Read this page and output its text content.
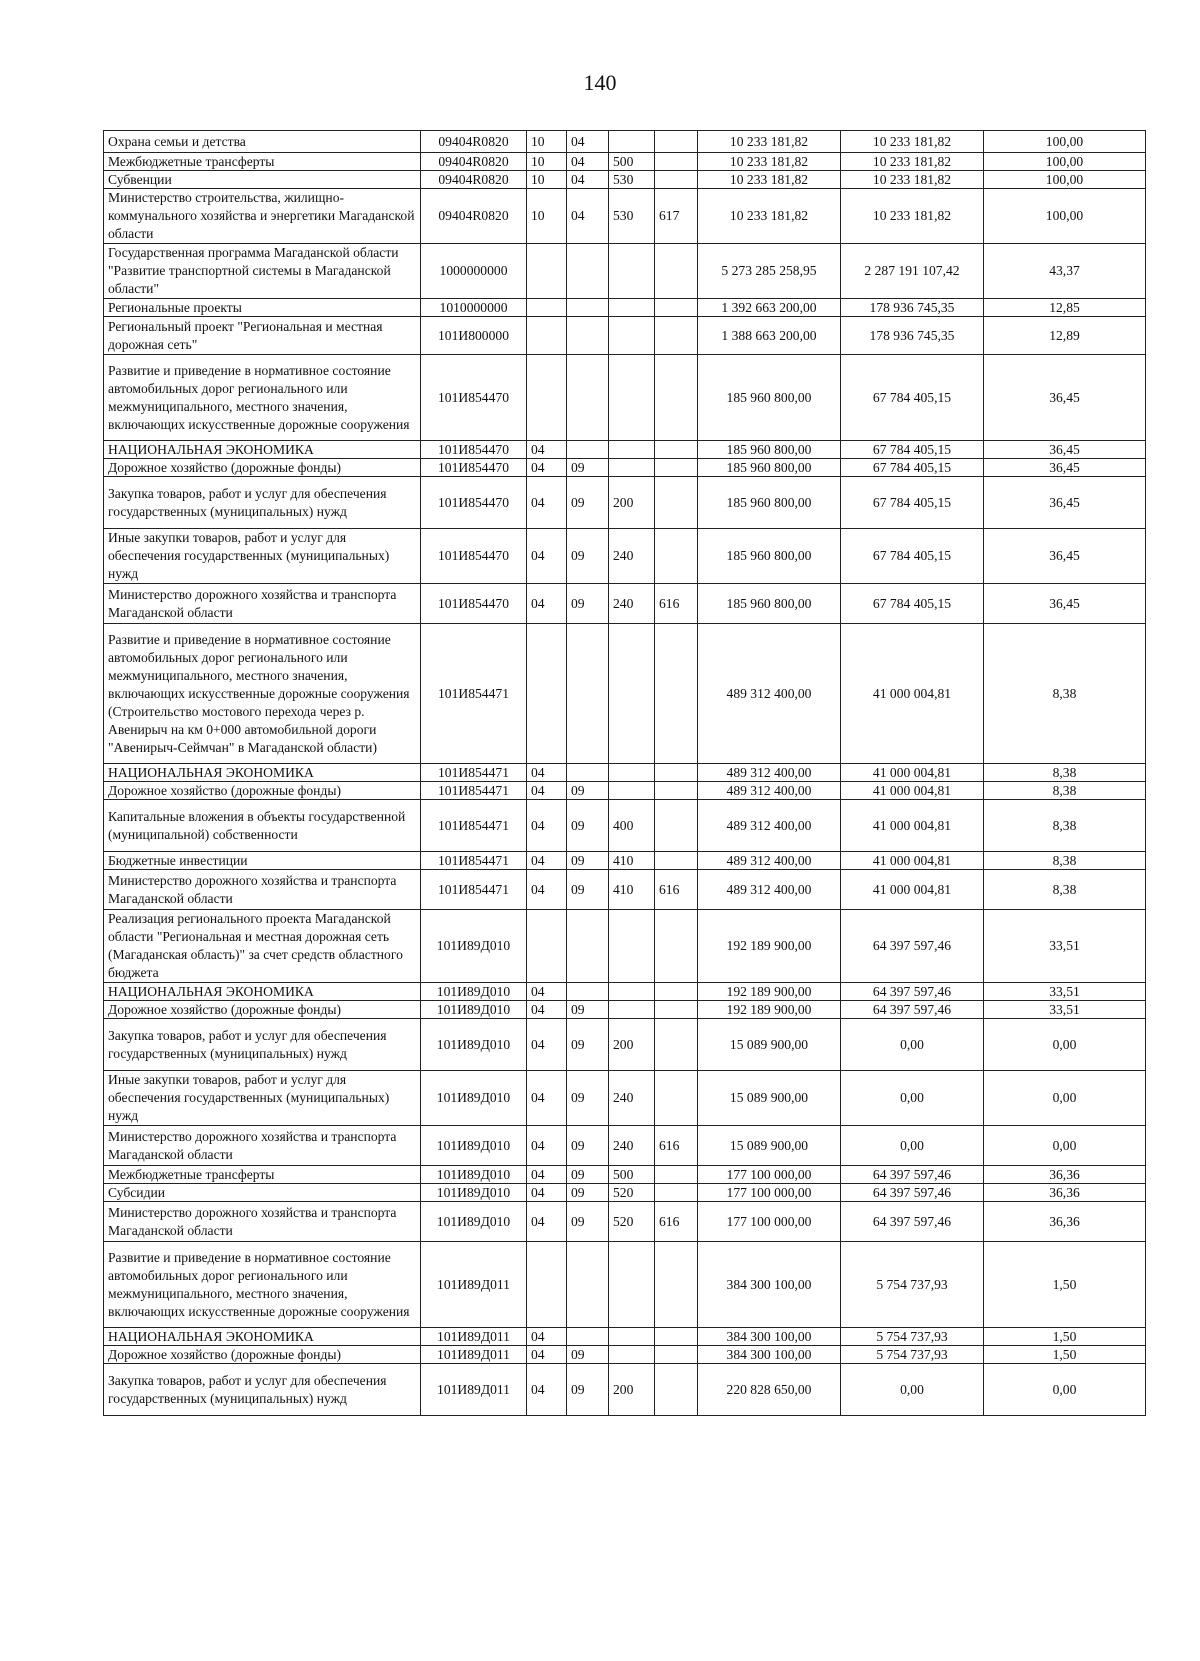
140
Охрана семьи и детства	09404R0820	10	04			10 233 181,82	10 233 181,82	100,00
Межбюджетные трансферты	09404R0820	10	04	500		10 233 181,82	10 233 181,82	100,00
Субвенции	09404R0820	10	04	530		10 233 181,82	10 233 181,82	100,00
Министерство строительства, жилищно-коммунального хозяйства и энергетики Магаданской области	09404R0820	10	04	530	617	10 233 181,82	10 233 181,82	100,00
Государственная программа Магаданской области "Развитие транспортной системы в Магаданской области"	1000000000					5 273 285 258,95	2 287 191 107,42	43,37
Региональные проекты	1010000000					1 392 663 200,00	178 936 745,35	12,85
Региональный проект "Региональная и местная дорожная сеть"	101И800000					1 388 663 200,00	178 936 745,35	12,89
Развитие и приведение в нормативное состояние автомобильных дорог регионального или межмуниципального, местного значения, включающих искусственные дорожные сооружения	101И854470					185 960 800,00	67 784 405,15	36,45
НАЦИОНАЛЬНАЯ ЭКОНОМИКА	101И854470	04				185 960 800,00	67 784 405,15	36,45
Дорожное хозяйство (дорожные фонды)	101И854470	04	09			185 960 800,00	67 784 405,15	36,45
Закупка товаров, работ и услуг для обеспечения государственных (муниципальных) нужд	101И854470	04	09	200		185 960 800,00	67 784 405,15	36,45
Иные закупки товаров, работ и услуг для обеспечения государственных (муниципальных) нужд	101И854470	04	09	240		185 960 800,00	67 784 405,15	36,45
Министерство дорожного хозяйства и транспорта Магаданской области	101И854470	04	09	240	616	185 960 800,00	67 784 405,15	36,45
Развитие и приведение в нормативное состояние автомобильных дорог регионального или межмуниципального, местного значения, включающих искусственные дорожные сооружения (Строительство мостового перехода через р. Авенирыч на км 0+000 автомобильной дороги "Авенирыч-Сеймчан" в Магаданской области)	101И854471					489 312 400,00	41 000 004,81	8,38
НАЦИОНАЛЬНАЯ ЭКОНОМИКА	101И854471	04				489 312 400,00	41 000 004,81	8,38
Дорожное хозяйство (дорожные фонды)	101И854471	04	09			489 312 400,00	41 000 004,81	8,38
Капитальные вложения в объекты государственной (муниципальной) собственности	101И854471	04	09	400		489 312 400,00	41 000 004,81	8,38
Бюджетные инвестиции	101И854471	04	09	410		489 312 400,00	41 000 004,81	8,38
Министерство дорожного хозяйства и транспорта Магаданской области	101И854471	04	09	410	616	489 312 400,00	41 000 004,81	8,38
Реализация регионального проекта Магаданской области "Региональная и местная дорожная сеть (Магаданская область)" за счет средств областного бюджета	101И89Д010					192 189 900,00	64 397 597,46	33,51
НАЦИОНАЛЬНАЯ ЭКОНОМИКА	101И89Д010	04				192 189 900,00	64 397 597,46	33,51
Дорожное хозяйство (дорожные фонды)	101И89Д010	04	09			192 189 900,00	64 397 597,46	33,51
Закупка товаров, работ и услуг для обеспечения государственных (муниципальных) нужд	101И89Д010	04	09	200		15 089 900,00	0,00	0,00
Иные закупки товаров, работ и услуг для обеспечения государственных (муниципальных) нужд	101И89Д010	04	09	240		15 089 900,00	0,00	0,00
Министерство дорожного хозяйства и транспорта Магаданской области	101И89Д010	04	09	240	616	15 089 900,00	0,00	0,00
Межбюджетные трансферты	101И89Д010	04	09	500		177 100 000,00	64 397 597,46	36,36
Субсидии	101И89Д010	04	09	520		177 100 000,00	64 397 597,46	36,36
Министерство дорожного хозяйства и транспорта Магаданской области	101И89Д010	04	09	520	616	177 100 000,00	64 397 597,46	36,36
Развитие и приведение в нормативное состояние автомобильных дорог регионального или межмуниципального, местного значения, включающих искусственные дорожные сооружения	101И89Д011					384 300 100,00	5 754 737,93	1,50
НАЦИОНАЛЬНАЯ ЭКОНОМИКА	101И89Д011	04				384 300 100,00	5 754 737,93	1,50
Дорожное хозяйство (дорожные фонды)	101И89Д011	04	09			384 300 100,00	5 754 737,93	1,50
Закупка товаров, работ и услуг для обеспечения государственных (муниципальных) нужд	101И89Д011	04	09	200		220 828 650,00	0,00	0,00
